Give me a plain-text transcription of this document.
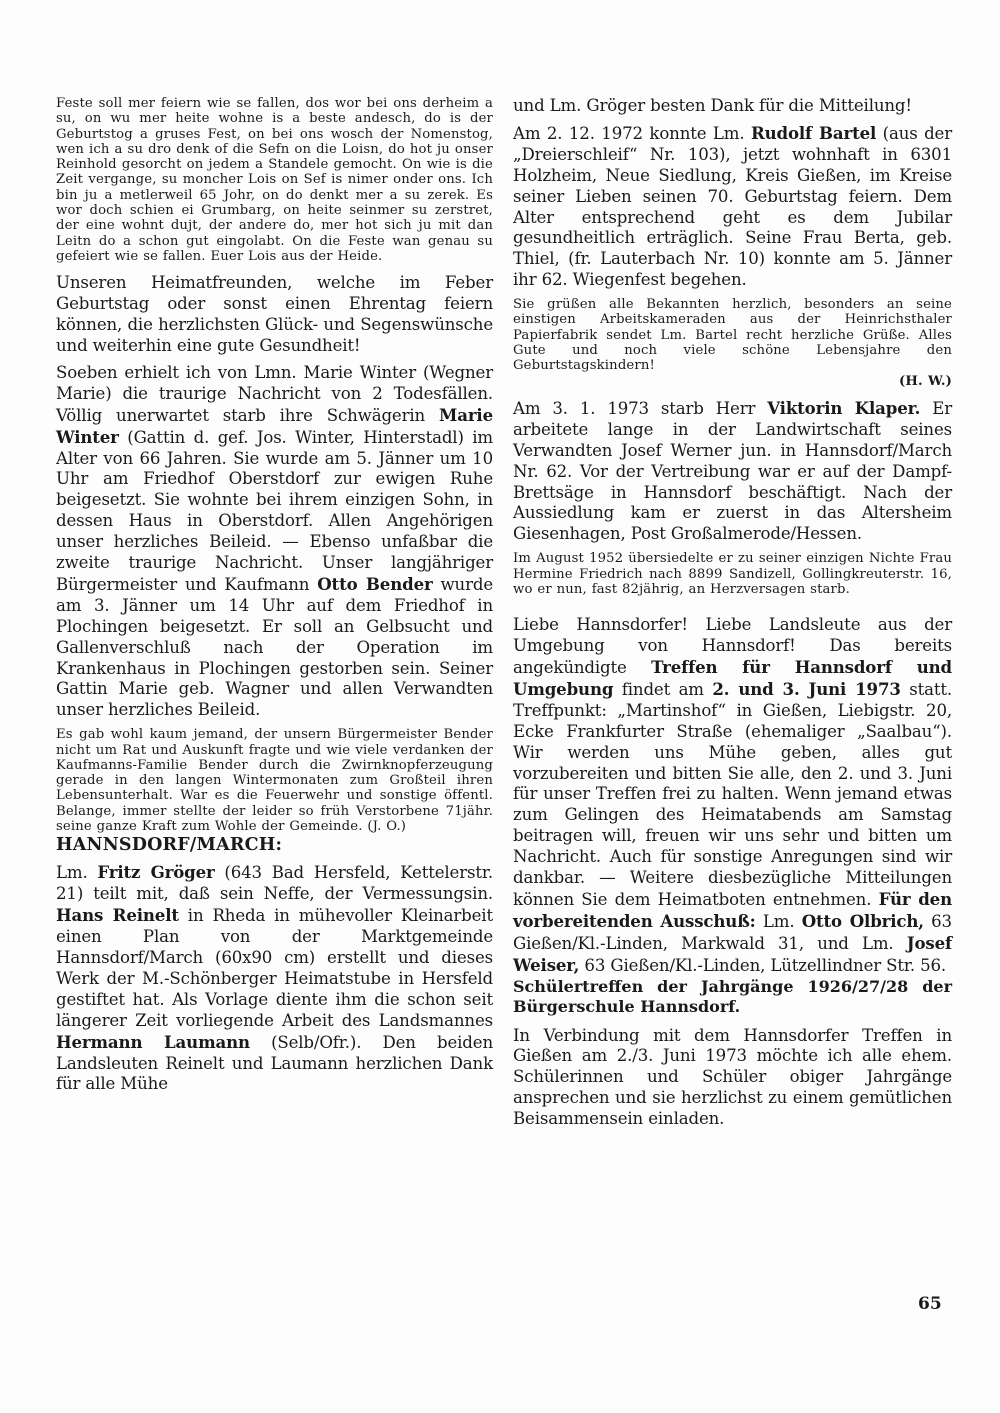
Feste soll mer feiern wie se fallen, dos wor bei ons derheim a su, on wu mer heite wohne is a beste andesch, do is der Geburtstog a gruses Fest, on bei ons wosch der Nomenstog, wen ich a su dro denk of die Sefn on die Loisn, do hot ju onser Reinhold gesorcht on jedem a Standele gemocht. On wie is die Zeit vergange, su moncher Lois on Sef is nimer onder ons. Ich bin ju a metlerweil 65 Johr, on do denkt mer a su zerek. Es wor doch schien ei Grumbarg, on heite seinmer su zerstret, der eine wohnt dujt, der andere do, mer hot sich ju mit dan Leitn do a schon gut eingolabt. On die Feste wan genau su gefeiert wie se fallen. Euer Lois aus der Heide.

Unseren Heimatfreunden, welche im Feber Geburtstag oder sonst einen Ehrentag feiern können, die herzlichsten Glück- und Segenswünsche und weiterhin eine gute Gesundheit!

Soeben erhielt ich von Lmn. Marie Winter (Wegner Marie) die traurige Nachricht von 2 Todesfällen. Völlig unerwartet starb ihre Schwägerin Marie Winter (Gattin d. gef. Jos. Winter, Hinterstadl) im Alter von 66 Jahren. Sie wurde am 5. Jänner um 10 Uhr am Friedhof Oberstdorf zur ewigen Ruhe beigesetzt. Sie wohnte bei ihrem einzigen Sohn, in dessen Haus in Oberstdorf. Allen Angehörigen unser herzliches Beileid. — Ebenso unfaßbar die zweite traurige Nachricht. Unser langjähriger Bürgermeister und Kaufmann Otto Bender wurde am 3. Jänner um 14 Uhr auf dem Friedhof in Plochingen beigesetzt. Er soll an Gelbsucht und Gallenverschluß nach der Operation im Krankenhaus in Plochingen gestorben sein. Seiner Gattin Marie geb. Wagner und allen Verwandten unser herzliches Beileid.

Es gab wohl kaum jemand, der unsern Bürgermeister Bender nicht um Rat und Auskunft fragte und wie viele verdanken der Kaufmanns-Familie Bender durch die Zwirnknopferzeugung gerade in den langen Wintermonaten zum Großteil ihren Lebensunterhalt. War es die Feuerwehr und sonstige öffentl. Belange, immer stellte der leider so früh Verstorbene 71jähr. seine ganze Kraft zum Wohle der Gemeinde. (J. O.)

HANNSDORF/MARCH:

Lm. Fritz Gröger (643 Bad Hersfeld, Kettelerstr. 21) teilt mit, daß sein Neffe, der Vermessungsin. Hans Reinelt in Rheda in mühevoller Kleinarbeit einen Plan von der Marktgemeinde Hannsdorf/March (60x90 cm) erstellt und dieses Werk der M.-Schönberger Heimatstube in Hersfeld gestiftet hat. Als Vorlage diente ihm die schon seit längerer Zeit vorliegende Arbeit des Landsmannes Hermann Laumann (Selb/Ofr.). Den beiden Landsleuten Reinelt und Laumann herzlichen Dank für alle Mühe

und Lm. Gröger besten Dank für die Mitteilung!

Am 2. 12. 1972 konnte Lm. Rudolf Bartel (aus der „Dreierschleif“ Nr. 103), jetzt wohnhaft in 6301 Holzheim, Neue Siedlung, Kreis Gießen, im Kreise seiner Lieben seinen 70. Geburtstag feiern. Dem Alter entsprechend geht es dem Jubilar gesundheitlich erträglich. Seine Frau Berta, geb. Thiel, (fr. Lauterbach Nr. 10) konnte am 5. Jänner ihr 62. Wiegenfest begehen.

Sie grüßen alle Bekannten herzlich, besonders an seine einstigen Arbeitskameraden aus der Heinrichsthaler Papierfabrik sendet Lm. Bartel recht herzliche Grüße. Alles Gute und noch viele schöne Lebensjahre den Geburtstagskindern!
(H. W.)

Am 3. 1. 1973 starb Herr Viktorin Klaper. Er arbeitete lange in der Landwirtschaft seines Verwandten Josef Werner jun. in Hannsdorf/March Nr. 62. Vor der Vertreibung war er auf der Dampf-Brettsäge in Hannsdorf beschäftigt. Nach der Aussiedlung kam er zuerst in das Altersheim Giesenhagen, Post Großalmerode/Hessen.

Im August 1952 übersiedelte er zu seiner einzigen Nichte Frau Hermine Friedrich nach 8899 Sandizell, Gollingkreuterstr. 16, wo er nun, fast 82jährig, an Herzversagen starb.

Liebe Hannsdorfer! Liebe Landsleute aus der Umgebung von Hannsdorf! Das bereits angekündigte Treffen für Hannsdorf und Umgebung findet am 2. und 3. Juni 1973 statt. Treffpunkt: „Martinshof“ in Gießen, Liebigstr. 20, Ecke Frankfurter Straße (ehemaliger „Saalbau“). Wir werden uns Mühe geben, alles gut vorzubereiten und bitten Sie alle, den 2. und 3. Juni für unser Treffen frei zu halten. Wenn jemand etwas zum Gelingen des Heimatabends am Samstag beitragen will, freuen wir uns sehr und bitten um Nachricht. Auch für sonstige Anregungen sind wir dankbar. — Weitere diesbezügliche Mitteilungen können Sie dem Heimatboten entnehmen. Für den vorbereitenden Ausschuß: Lm. Otto Olbrich, 63 Gießen/Kl.-Linden, Markwald 31, und Lm. Josef Weiser, 63 Gießen/Kl.-Linden, Lützellindner Str. 56.

Schülertreffen der Jahrgänge 1926/27/28 der Bürgerschule Hannsdorf.

In Verbindung mit dem Hannsdorfer Treffen in Gießen am 2./3. Juni 1973 möchte ich alle ehem. Schülerinnen und Schüler obiger Jahrgänge ansprechen und sie herzlichst zu einem gemütlichen Beisammensein einladen.

65
